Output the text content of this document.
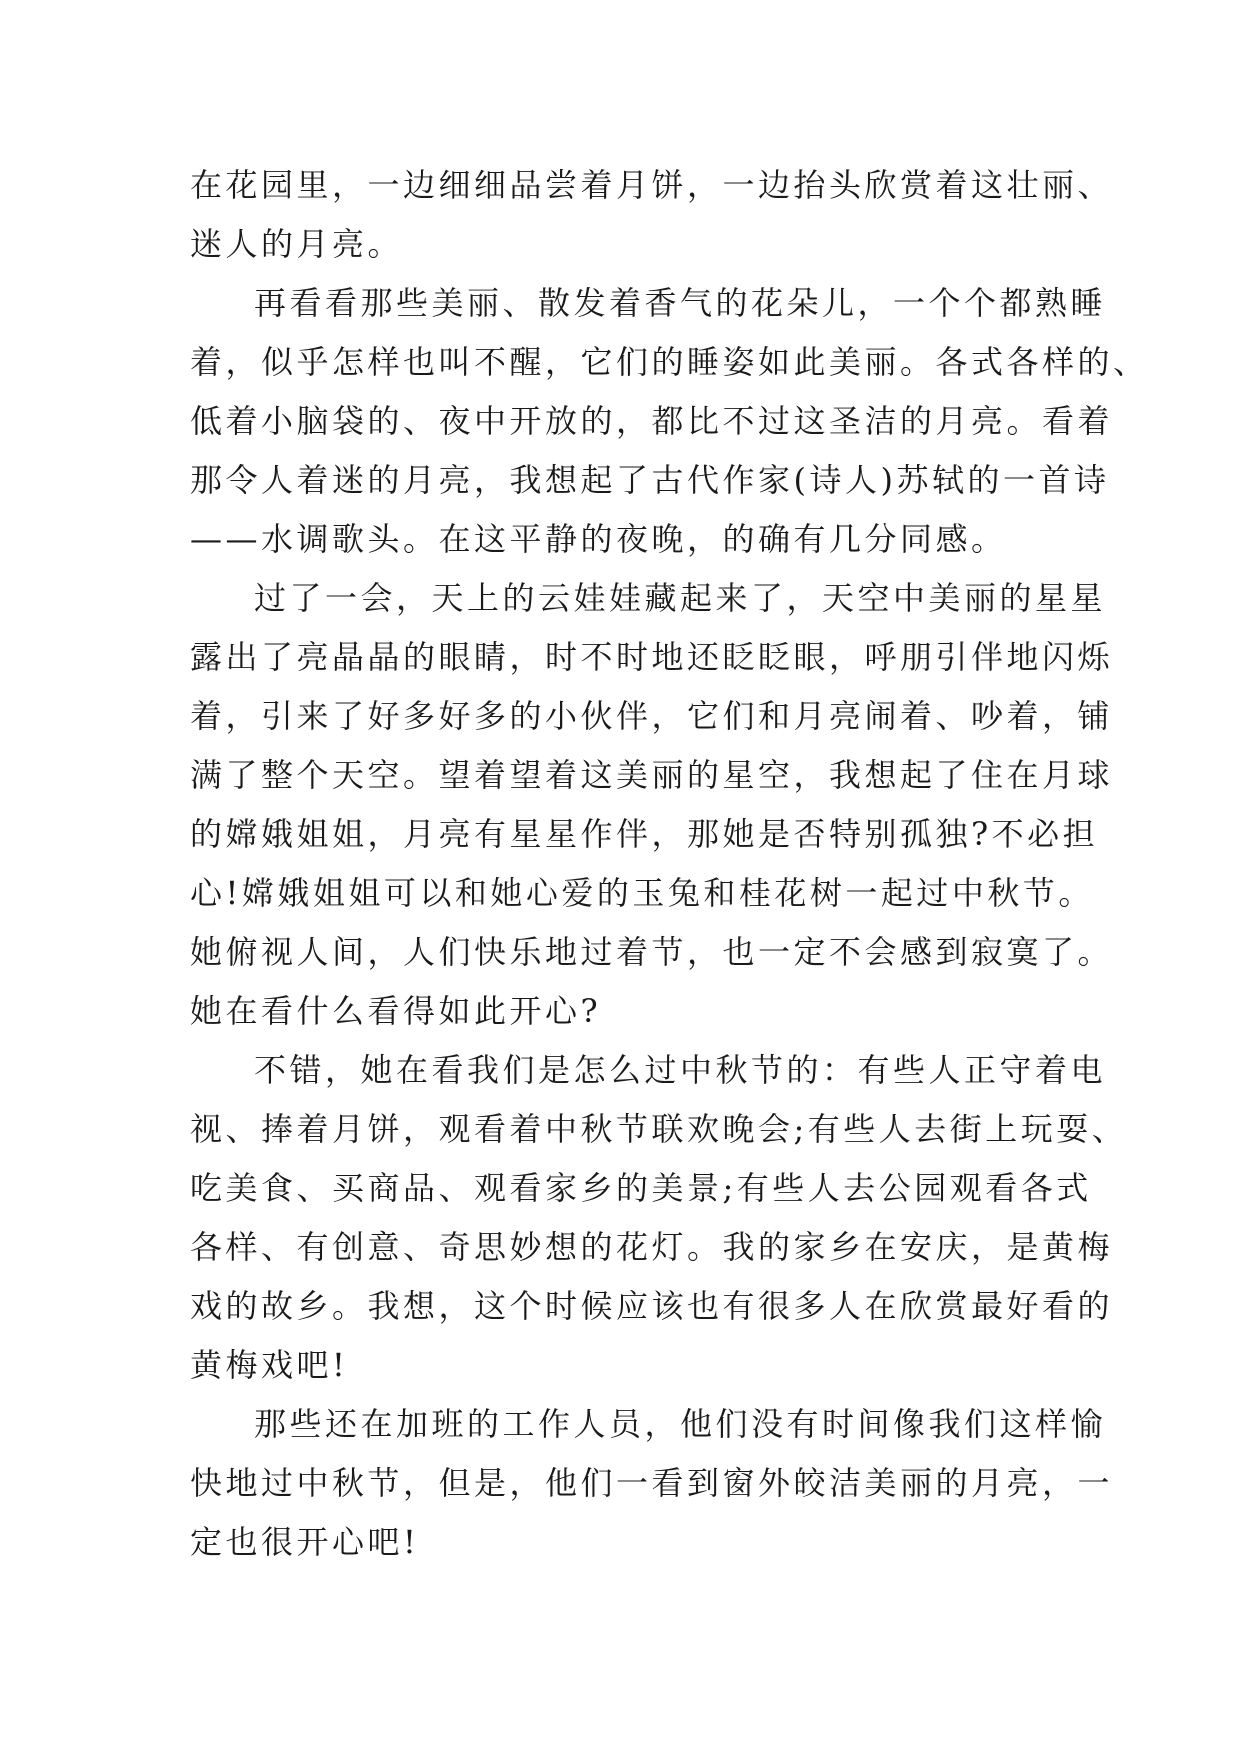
在花园里，一边细细品尝着月饼，一边抬头欣赏着这壮丽、
迷人的月亮。
再看看那些美丽、散发着香气的花朵儿，一个个都熟睡
着，似乎怎样也叫不醒，它们的睡姿如此美丽。各式各样的、
低着小脑袋的、夜中开放的，都比不过这圣洁的月亮。看着
那令人着迷的月亮，我想起了古代作家(诗人)苏轼的一首诗
——水调歌头。在这平静的夜晚，的确有几分同感。
过了一会，天上的云娃娃藏起来了，天空中美丽的星星
露出了亮晶晶的眼睛，时不时地还眨眨眼，呼朋引伴地闪烁
着，引来了好多好多的小伙伴，它们和月亮闹着、吵着，铺
满了整个天空。望着望着这美丽的星空，我想起了住在月球
的嫦娥姐姐，月亮有星星作伴，那她是否特别孤独?不必担
心!嫦娥姐姐可以和她心爱的玉兔和桂花树一起过中秋节。
她俯视人间，人们快乐地过着节，也一定不会感到寂寞了。
她在看什么看得如此开心?
不错，她在看我们是怎么过中秋节的：有些人正守着电
视、捧着月饼，观看着中秋节联欢晚会;有些人去街上玩耍、
吃美食、买商品、观看家乡的美景;有些人去公园观看各式
各样、有创意、奇思妙想的花灯。我的家乡在安庆，是黄梅
戏的故乡。我想，这个时候应该也有很多人在欣赏最好看的
黄梅戏吧!
那些还在加班的工作人员，他们没有时间像我们这样愉
快地过中秋节，但是，他们一看到窗外皎洁美丽的月亮，一
定也很开心吧!
